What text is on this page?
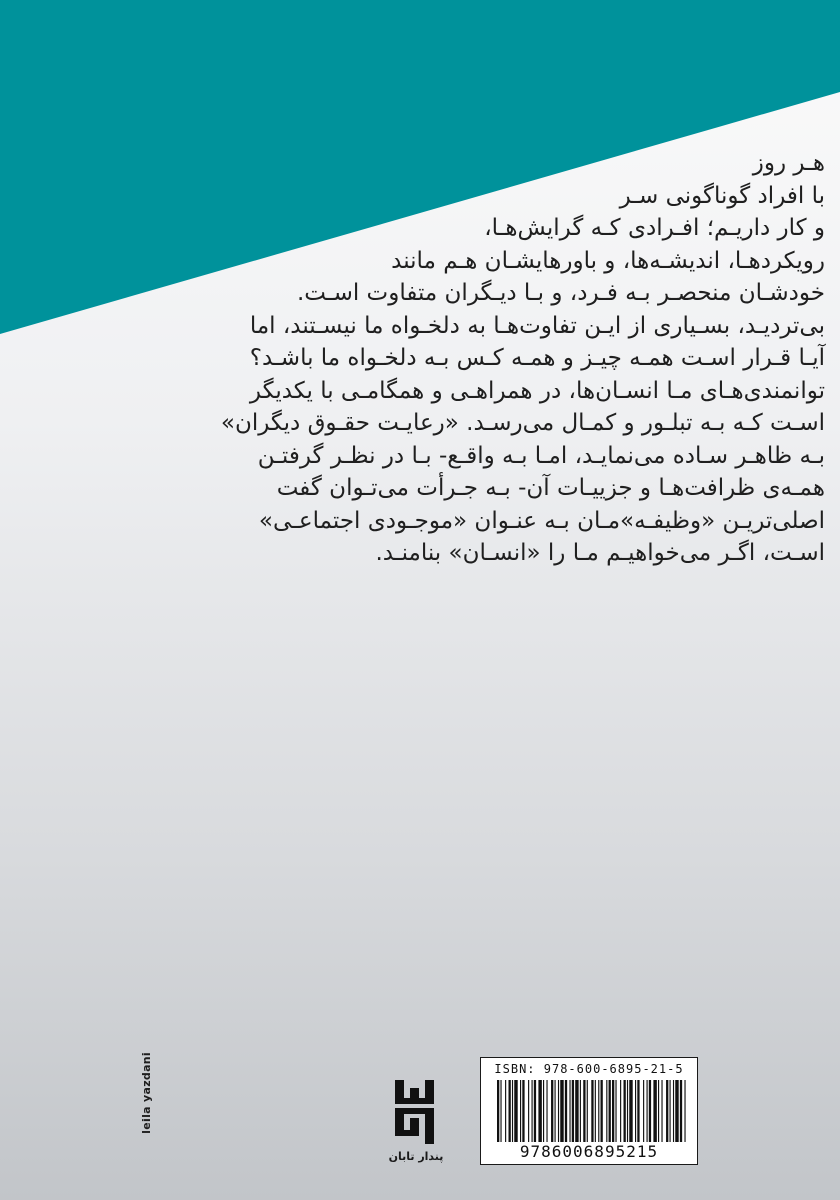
هـر روز
با افراد گوناگونی سـر
و کار داریـم؛ افـرادی کـه گرایش‌هـا،
رویکردهـا، اندیشـه‌ها، و باورهایشـان هـم مانند
خودشـان منحصـر بـه فـرد، و بـا دیـگران متفاوت اسـت.
بی‌تردیـد، بسـیاری از ایـن تفاوت‌هـا به دلخـواه ما نیسـتند، اما
آیـا قـرار اسـت همـه چیـز و همـه کـس بـه دلخـواه ما باشـد؟
توانمندی‌هـای مـا انسـان‌ها، در همراهـی و همگامـی با یکدیگر
اسـت کـه بـه تبلـور و کمـال می‌رسـد. «رعایـت حقـوق دیگران»
بـه ظاهـر سـاده می‌نمایـد، امـا بـه واقـع- بـا در نظـر گرفتـن
همـه‌ی ظرافت‌هـا و جزییـات آن- بـه جـرأت می‌تـوان گفت
اصلی‌تریـن «وظیفـه»‌مـان بـه عنـوان «موجـودی اجتماعـی»
اسـت، اگـر می‌خواهیـم مـا را «انسـان» بنامنـد.
leila yazdani
پندار تابان
ISBN: 978-600-6895-21-5
9786006895215
